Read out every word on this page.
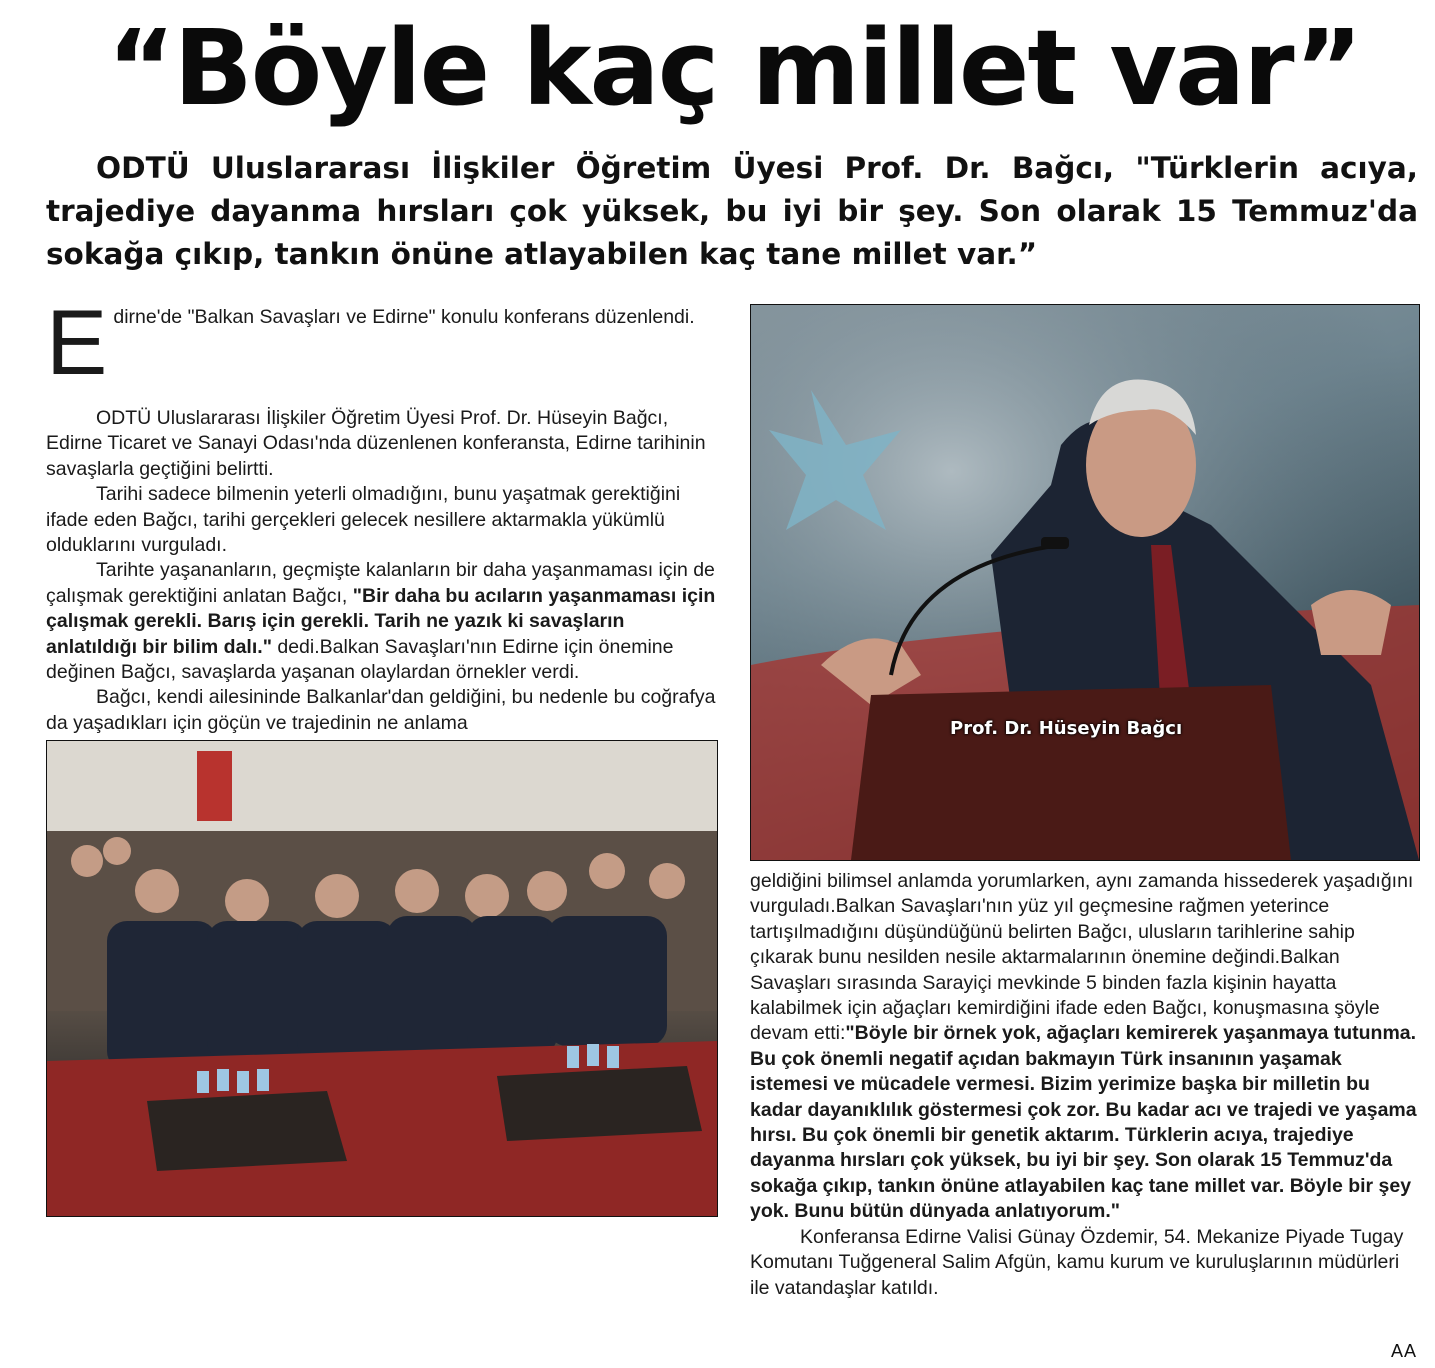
“Böyle kaç millet var”

ODTÜ Uluslararası İlişkiler Öğretim Üyesi Prof. Dr. Bağcı, "Türklerin acıya, trajediye dayanma hırsları çok yüksek, bu iyi bir şey. Son olarak 15 Temmuz'da sokağa çıkıp, tankın önüne atlayabilen kaç tane millet var.”

E dirne'de "Balkan Savaşları ve Edirne" konulu konferans düzenlendi.

ODTÜ Uluslararası İlişkiler Öğretim Üyesi Prof. Dr. Hüseyin Bağcı, Edirne Ticaret ve Sanayi Odası'nda düzenlenen konferansta, Edirne tarihinin savaşlarla geçtiğini belirtti.

Tarihi sadece bilmenin yeterli olmadığını, bunu yaşatmak gerektiğini ifade eden Bağcı, tarihi gerçekleri gelecek nesillere aktarmakla yükümlü olduklarını vurguladı.

Tarihte yaşananların, geçmişte kalanların bir daha yaşanmaması için de çalışmak gerektiğini anlatan Bağcı, "Bir daha bu acıların yaşanmaması için çalışmak gerekli. Barış için gerekli. Tarih ne yazık ki savaşların anlatıldığı bir bilim dalı." dedi.Balkan Savaşları'nın Edirne için önemine değinen Bağcı, savaşlarda yaşanan olaylardan örnekler verdi.

Bağcı, kendi ailesininde Balkanlar'dan geldiğini, bu nedenle bu coğrafya da yaşadıkları için göçün ve trajedinin ne anlama	Prof. Dr. Hüseyin Bağcı

geldiğini bilimsel anlamda yorumlarken, aynı zamanda hissederek yaşadığını vurguladı.Balkan Savaşları'nın yüz yıl geçmesine rağmen yeterince tartışılmadığını düşündüğünü belirten Bağcı, ulusların tarihlerine sahip çıkarak bunu nesilden nesile aktarmalarının önemine değindi.Balkan Savaşları sırasında Sarayiçi mevkinde 5 binden fazla kişinin hayatta kalabilmek için ağaçları kemirdiğini ifade eden Bağcı, konuşmasına şöyle devam etti:"Böyle bir örnek yok, ağaçları kemirerek yaşanmaya tutunma. Bu çok önemli negatif açıdan bakmayın Türk insanının yaşamak istemesi ve mücadele vermesi. Bizim yerimize başka bir milletin bu kadar dayanıklılık göstermesi çok zor. Bu kadar acı ve trajedi ve yaşama hırsı. Bu çok önemli bir genetik aktarım. Türklerin acıya, trajediye dayanma hırsları çok yüksek, bu iyi bir şey. Son olarak 15 Temmuz'da sokağa çıkıp, tankın önüne atlayabilen kaç tane millet var. Böyle bir şey yok. Bunu bütün dünyada anlatıyorum."

Konferansa Edirne Valisi Günay Özdemir, 54. Mekanize Piyade Tugay Komutanı Tuğgeneral Salim Afgün, kamu kurum ve kuruluşlarının müdürleri ile vatandaşlar katıldı.

AA
